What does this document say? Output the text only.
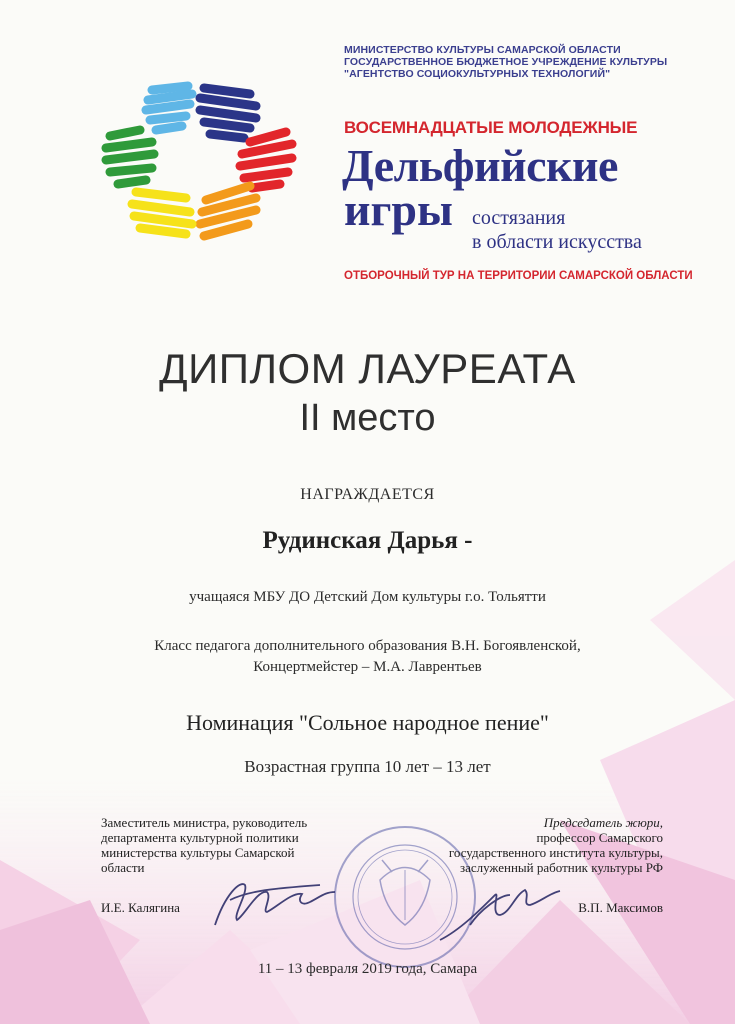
МИНИСТЕРСТВО КУЛЬТУРЫ САМАРСКОЙ ОБЛАСТИ
ГОСУДАРСТВЕННОЕ БЮДЖЕТНОЕ УЧРЕЖДЕНИЕ КУЛЬТУРЫ
"АГЕНТСТВО СОЦИОКУЛЬТУРНЫХ ТЕХНОЛОГИЙ"
ВОСЕМНАДЦАТЫЕ МОЛОДЕЖНЫЕ
Дельфийские
игры состязания
в области искусства
ОТБОРОЧНЫЙ ТУР НА ТЕРРИТОРИИ САМАРСКОЙ ОБЛАСТИ
ДИПЛОМ ЛАУРЕАТА
II место
НАГРАЖДАЕТСЯ
Рудинская Дарья -
учащаяся МБУ ДО Детский Дом культуры г.о. Тольятти
Класс педагога дополнительного образования В.Н. Богоявленской,
Концертмейстер – М.А. Лаврентьев
Номинация "Сольное народное пение"
Возрастная группа 10 лет – 13 лет
Заместитель министра, руководитель
департамента культурной политики
министерства культуры Самарской
области
Председатель жюри,
профессор Самарского
государственного института культуры,
заслуженный работник культуры РФ
И.Е. Калягина	В.П. Максимов
11 – 13 февраля 2019 года, Самара
